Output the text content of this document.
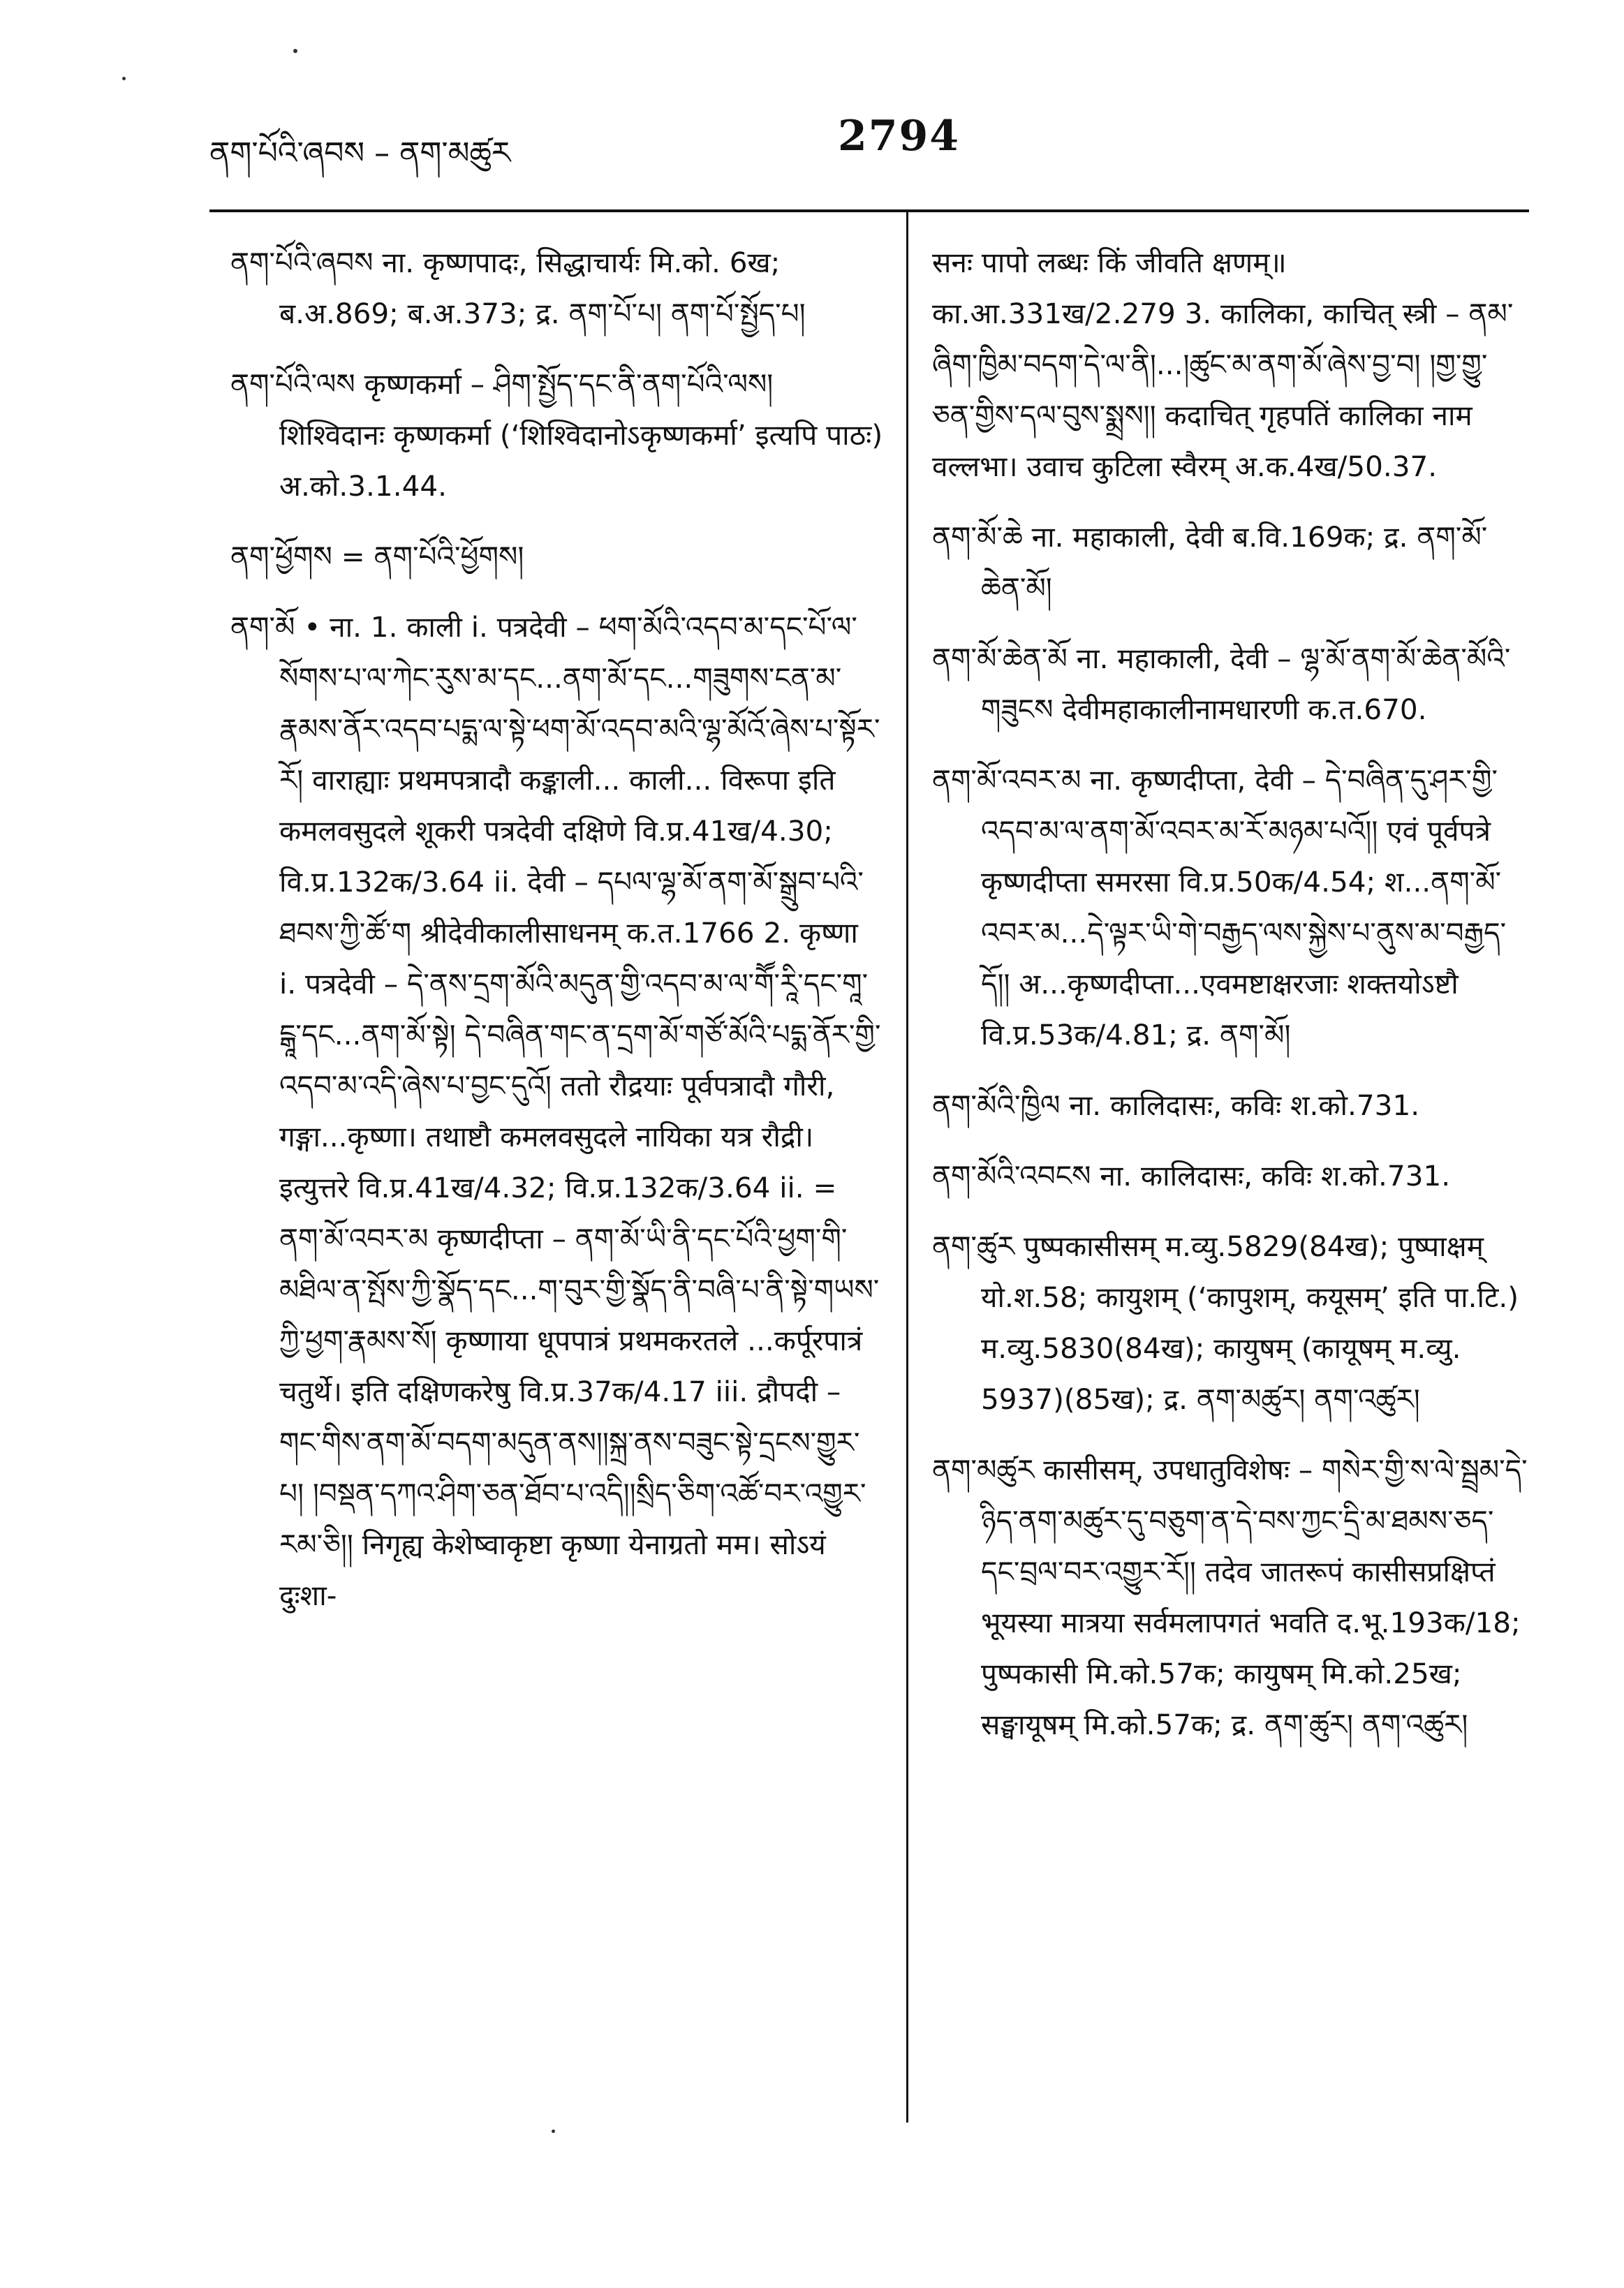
ནག་པོའི་ཞབས – ནག་མཚུར	2794

ནག་པོའི་ཞབས ना. कृष्णपादः, सिद्धाचार्यः मि.को. 6ख; ब.अ.869; ब.अ.373; द्र. ནག་པོ་པ། ནག་པོ་སྤྱོད་པ།

ནག་པོའི་ལས कृष्णकर्मा – ཤིག་སྤྱོད་དང་ནི་ནག་པོའི་ལས། शिश्विदानः कृष्णकर्मा (‘शिश्विदानोऽकृष्णकर्मा’ इत्यपि पाठः) अ.को.3.1.44.

ནག་ཕྱོགས = ནག་པོའི་ཕྱོགས།

ནག་མོ • ना. 1. काली i. पत्रदेवी – ཕག་མོའི་འདབ་མ་དང་པོ་ལ་སོགས་པ་ལ་ཀེང་རུས་མ་དང...ནག་མོ་དང...གཟུགས་ངན་མ་རྣམས་ནོར་འདབ་པདྨ་ལ་སྟེ་ཕག་མོ་འདབ་མའི་ལྷ་མོའོ་ཞེས་པ་སྟོར་རོ། वाराह्याः प्रथमपत्रादौ कङ्काली... काली... विरूपा इति कमलवसुदले शूकरी पत्रदेवी दक्षिणे वि.प्र.41ख/4.30; वि.प्र.132क/3.64 ii. देवी – དཔལ་ལྷ་མོ་ནག་མོ་སྒྲུབ་པའི་ཐབས་ཀྱི་ཚོ་ག श्रीदेवीकालीसाधनम् क.त.1766 2. कृष्णा i. पत्रदेवी – དེ་ནས་དྲག་མོའི་མདུན་གྱི་འདབ་མ་ལ་གཽ་རཱི་དང་གཱ་ངྒཱ་དང...ནག་མོ་སྟེ། དེ་བཞིན་གང་ན་དྲག་མོ་གཙོ་མོའི་པདྨ་ནོར་གྱི་འདབ་མ་འདི་ཞེས་པ་བྱང་དུའོ། ततो रौद्रयाः पूर्वपत्रादौ गौरी, गङ्गा...कृष्णा। तथाष्टौ कमलवसुदले नायिका यत्र रौद्री। इत्युत्तरे वि.प्र.41ख/4.32; वि.प्र.132क/3.64 ii. = ནག་མོ་འབར་མ कृष्णदीप्ता – ནག་མོ་ཡི་ནི་དང་པོའི་ཕྱག་གི་མཐིལ་ན་སྤོས་ཀྱི་སྣོད་དང...ག་བུར་གྱི་སྣོད་ནི་བཞི་པ་ནི་སྟེ་གཡས་ཀྱི་ཕྱག་རྣམས་སོ། कृष्णाया धूपपात्रं प्रथमकरतले ...कर्पूरपात्रं चतुर्थे। इति दक्षिणकरेषु वि.प्र.37क/4.17 iii. द्रौपदी – གང་གིས་ནག་མོ་བདག་མདུན་ནས།།སྐྲ་ནས་བཟུང་སྟེ་དྲངས་གྱུར་པ། །བསྡན་དཀའ་ཤིག་ཅན་ཐོབ་པ་འདི།།སྲིད་ཅིག་འཚོ་བར་འགྱུར་རམ་ཅི།། निगृह्य केशेष्वाकृष्टा कृष्णा येनाग्रतो मम। सोऽयं दुःशा-

सनः पापो लब्धः किं जीवति क्षणम्॥ का.आ.331ख/2.279 3. कालिका, काचित् स्त्री – ནམ་ཞིག་ཁྱིམ་བདག་དེ་ལ་ནི།...།ཚུང་མ་ནག་མོ་ཞེས་བྱ་བ། །གྱ་གྱུ་ཅན་གྱིས་དལ་བུས་སྨྲས།། कदाचित् गृहपतिं कालिका नाम वल्लभा। उवाच कुटिला स्वैरम् अ.क.4ख/50.37.

ནག་མོ་ཆེ ना. महाकाली, देवी ब.वि.169क; द्र. ནག་མོ་ཆེན་མོ།

ནག་མོ་ཆེན་མོ ना. महाकाली, देवी – ལྷ་མོ་ནག་མོ་ཆེན་མོའི་གཟུངས देवीमहाकालीनामधारणी क.त.670.

ནག་མོ་འབར་མ ना. कृष्णदीप्ता, देवी – དེ་བཞིན་དུ་ཤར་གྱི་འདབ་མ་ལ་ནག་མོ་འབར་མ་རོ་མཉམ་པའོ།། एवं पूर्वपत्रे कृष्णदीप्ता समरसा वि.प्र.50क/4.54; श...ནག་མོ་འབར་མ...དེ་ལྟར་ཡི་གེ་བརྒྱད་ལས་སྐྱེས་པ་ནུས་མ་བརྒྱད་དོ།། अ...कृष्णदीप्ता...एवमष्टाक्षरजाः शक्तयोऽष्टौ वि.प्र.53क/4.81; द्र. ནག་མོ།

ནག་མོའི་ཁྱིལ ना. कालिदासः, कविः श.को.731.

ནག་མོའི་འབངས ना. कालिदासः, कविः श.को.731.

ནག་ཚུར पुष्पकासीसम् म.व्यु.5829(84ख); पुष्पाक्षम् यो.श.58; कायुशम् (‘कापुशम्, कयूसम्’ इति पा.टि.) म.व्यु.5830(84ख); कायुषम् (कायूषम् म.व्यु. 5937)(85ख); द्र. ནག་མཚུར། ནག་འཚུར།

ནག་མཚུར कासीसम्, उपधातुविशेषः – གསེར་གྱི་ས་ལེ་སྦྲམ་དེ་ཉིད་ནག་མཚུར་དུ་བཅུག་ན་དེ་བས་ཀྱང་དྲི་མ་ཐམས་ཅད་དང་བྲལ་བར་འགྱུར་རོ།། तदेव जातरूपं कासीसप्रक्षिप्तं भूयस्या मात्रया सर्वमलापगतं भवति द.भू.193क/18; पुष्पकासी मि.को.57क; कायुषम् मि.को.25ख; सङ्घायूषम् मि.को.57क; द्र. ནག་ཚུར། ནག་འཚུར།
